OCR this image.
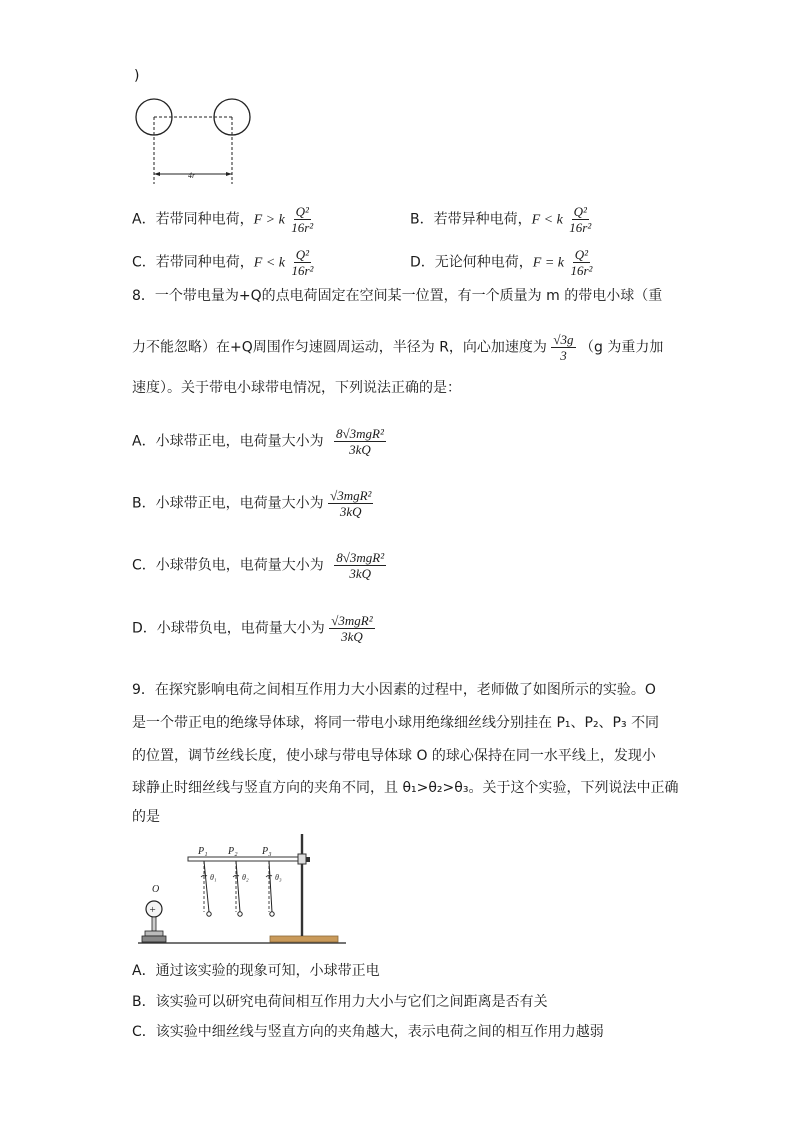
)
4r
A．若带同种电荷，F > k $\frac{\text{Q²}}{\text{16r²}}$	B．若带异种电荷，F < k $\frac{\text{Q²}}{\text{16r²}}$
C．若带同种电荷，F < k $\frac{\text{Q²}}{\text{16r²}}$	D．无论何种电荷，F = k $\frac{\text{Q²}}{\text{16r²}}$
8．一个带电量为+Q的点电荷固定在空间某一位置，有一个质量为 m 的带电小球（重
力不能忽略）在+Q周围作匀速圆周运动，半径为 R，向心加速度为 $\frac{√3g}{3} (g$ 为重力加
速度）。关于带电小球带电情况，下列说法正确的是：
A．小球带正电，电荷量大小为 $\frac{\text{8√3mgR²}}{3kQ}$
B．小球带正电，电荷量大小为 $\frac{\text{√3mgR²}}{3kQ}$
C．小球带负电，电荷量大小为 $\frac{\text{8√3mgR²}}{3kQ}$
D．小球带负电，电荷量大小为 $\frac{\text{√3mgR²}}{3kQ}$
9．在探究影响电荷之间相互作用力大小因素的过程中，老师做了如图所示的实验。O
是一个带正电的绝缘导体球，将同一带电小球用绝缘细丝线分别挂在 P₁、P₂、P₃ 不同
的位置，调节丝线长度，使小球与带电导体球 O 的球心保持在同一水平线上，发现小
球静止时细丝线与竖直方向的夹角不同，且 θ₁>θ₂>θ₃。关于这个实验，下列说法中正确
的是
P₁ P₂ P₃
θ₁	θ₂	θ₃
O
+
A．通过该实验的现象可知，小球带正电
B．该实验可以研究电荷间相互作用力大小与它们之间距离是否有关
C．该实验中细丝线与竖直方向的夹角越大，表示电荷之间的相互作用力越弱
